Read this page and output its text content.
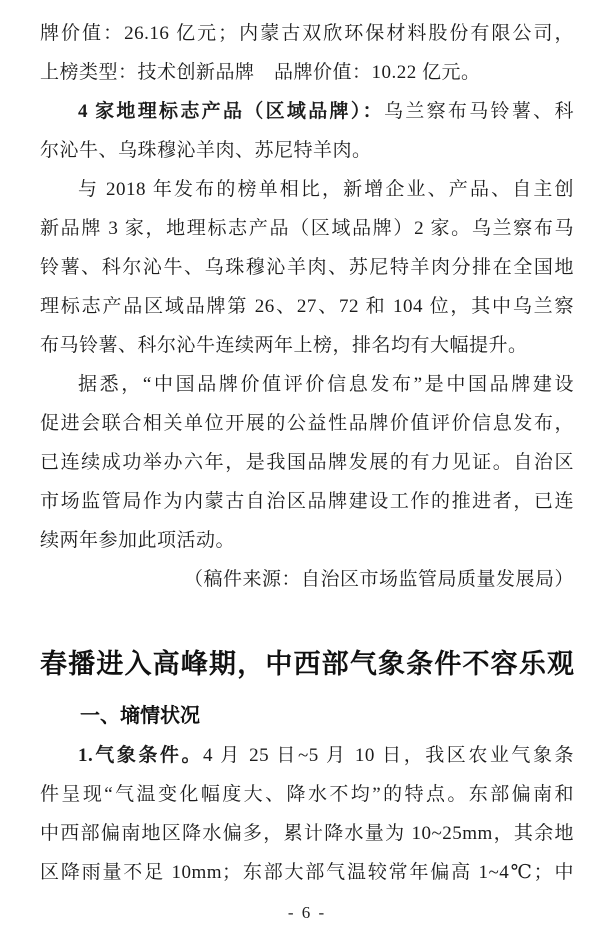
牌价值：26.16 亿元；内蒙古双欣环保材料股份有限公司，
上榜类型：技术创新品牌　品牌价值：10.22 亿元。
4 家地理标志产品（区域品牌）：乌兰察布马铃薯、科
尔沁牛、乌珠穆沁羊肉、苏尼特羊肉。
与 2018 年发布的榜单相比，新增企业、产品、自主创
新品牌 3 家，地理标志产品（区域品牌）2 家。乌兰察布马
铃薯、科尔沁牛、乌珠穆沁羊肉、苏尼特羊肉分排在全国地
理标志产品区域品牌第 26、27、72 和 104 位，其中乌兰察
布马铃薯、科尔沁牛连续两年上榜，排名均有大幅提升。
据悉，“中国品牌价值评价信息发布”是中国品牌建设
促进会联合相关单位开展的公益性品牌价值评价信息发布，
已连续成功举办六年，是我国品牌发展的有力见证。自治区
市场监管局作为内蒙古自治区品牌建设工作的推进者，已连
续两年参加此项活动。
（稿件来源：自治区市场监管局质量发展局）
春播进入高峰期，中西部气象条件不容乐观
一、墒情状况
1.气象条件。4 月 25 日~5 月 10 日，我区农业气象条
件呈现“气温变化幅度大、降水不均”的特点。东部偏南和
中西部偏南地区降水偏多，累计降水量为 10~25mm，其余地
区降雨量不足 10mm；东部大部气温较常年偏高 1~4℃；中
- 6 -
